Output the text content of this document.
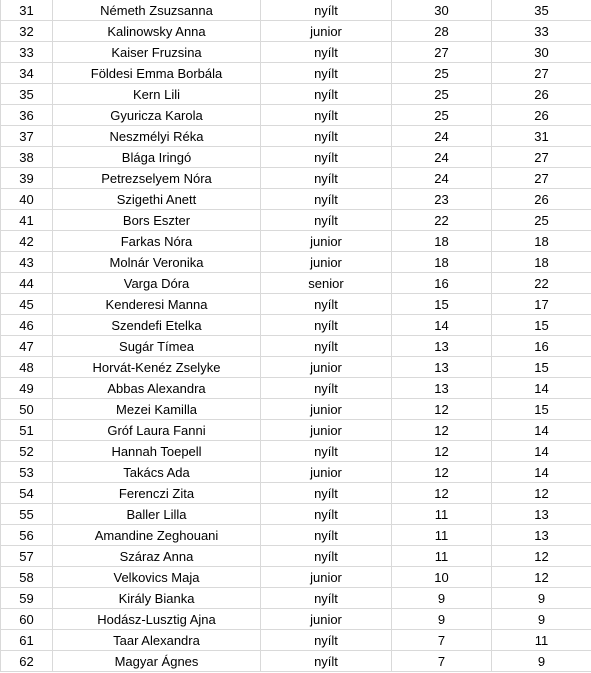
31	Németh Zsuzsanna	nyílt	30	35
32	Kalinowsky Anna	junior	28	33
33	Kaiser Fruzsina	nyílt	27	30
34	Földesi Emma Borbála	nyílt	25	27
35	Kern Lili	nyílt	25	26
36	Gyuricza Karola	nyílt	25	26
37	Neszmélyi Réka	nyílt	24	31
38	Blága Iringó	nyílt	24	27
39	Petrezselyem Nóra	nyílt	24	27
40	Szigethi Anett	nyílt	23	26
41	Bors Eszter	nyílt	22	25
42	Farkas Nóra	junior	18	18
43	Molnár Veronika	junior	18	18
44	Varga Dóra	senior	16	22
45	Kenderesi Manna	nyílt	15	17
46	Szendefi Etelka	nyílt	14	15
47	Sugár Tímea	nyílt	13	16
48	Horvát-Kenéz Zselyke	junior	13	15
49	Abbas Alexandra	nyílt	13	14
50	Mezei Kamilla	junior	12	15
51	Gróf Laura Fanni	junior	12	14
52	Hannah Toepell	nyílt	12	14
53	Takács Ada	junior	12	14
54	Ferenczi Zita	nyílt	12	12
55	Baller Lilla	nyílt	11	13
56	Amandine Zeghouani	nyílt	11	13
57	Száraz Anna	nyílt	11	12
58	Velkovics Maja	junior	10	12
59	Király Bianka	nyílt	9	9
60	Hodász-Lusztig Ajna	junior	9	9
61	Taar Alexandra	nyílt	7	11
62	Magyar Ágnes	nyílt	7	9
